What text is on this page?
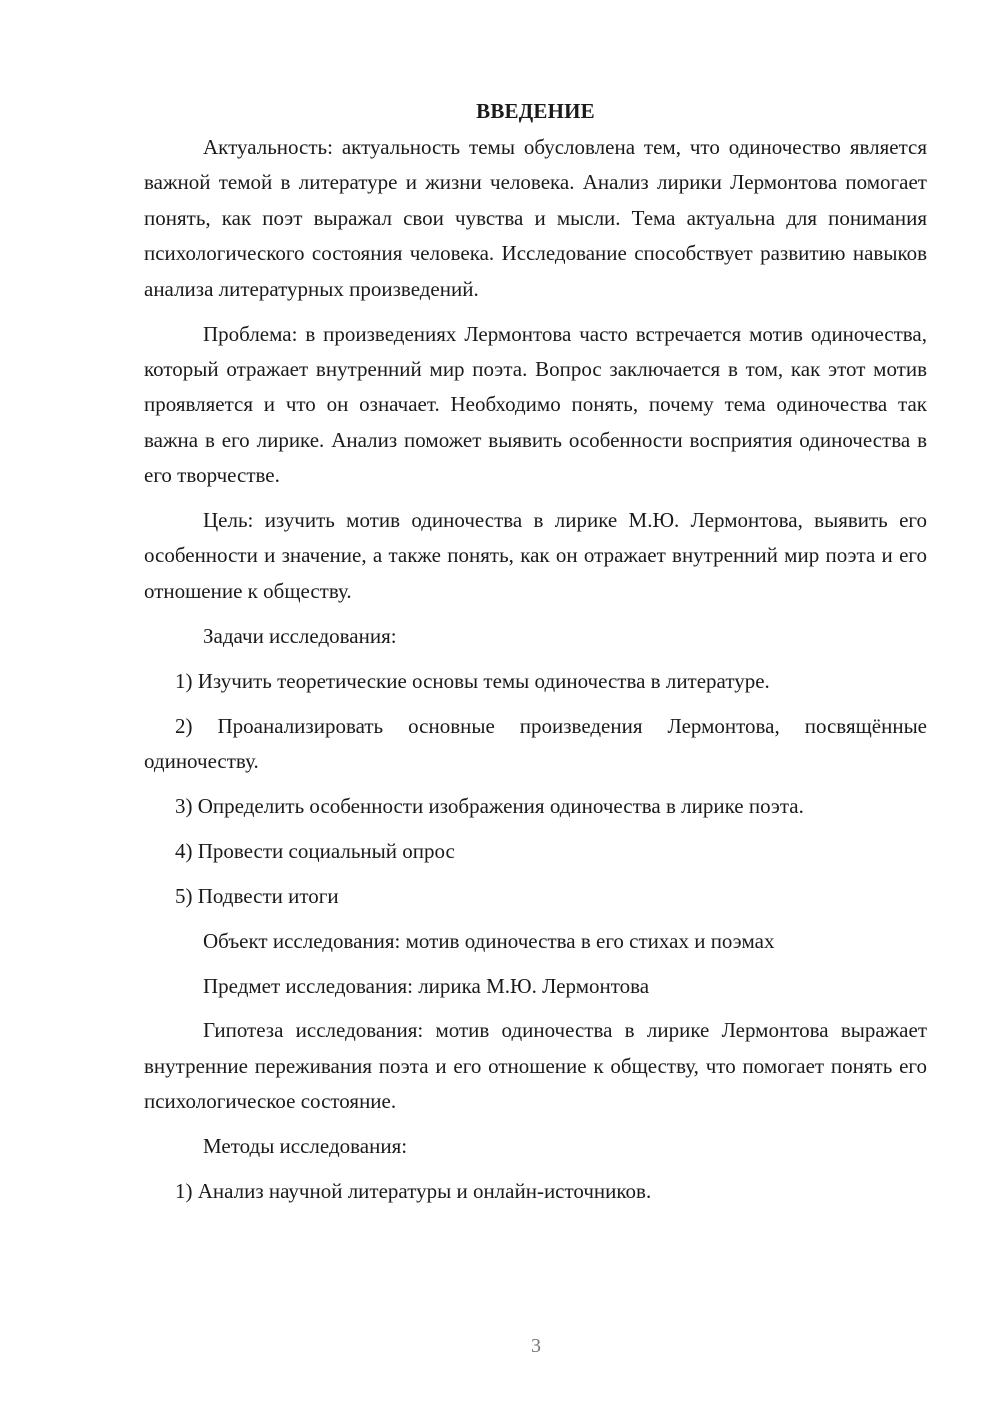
ВВЕДЕНИЕ

Актуальность: актуальность темы обусловлена тем, что одиночество является важной темой в литературе и жизни человека. Анализ лирики Лермонтова помогает понять, как поэт выражал свои чувства и мысли. Тема актуальна для понимания психологического состояния человека. Исследование способствует развитию навыков анализа литературных произведений.

Проблема: в произведениях Лермонтова часто встречается мотив одиночества, который отражает внутренний мир поэта. Вопрос заключается в том, как этот мотив проявляется и что он означает. Необходимо понять, почему тема одиночества так важна в его лирике. Анализ поможет выявить особенности восприятия одиночества в его творчестве.

Цель: изучить мотив одиночества в лирике М.Ю. Лермонтова, выявить его особенности и значение, а также понять, как он отражает внутренний мир поэта и его отношение к обществу.

Задачи исследования:

1) Изучить теоретические основы темы одиночества в литературе.

2) Проанализировать основные произведения Лермонтова, посвящённые одиночеству.

3) Определить особенности изображения одиночества в лирике поэта.

4) Провести социальный опрос

5) Подвести итоги

Объект исследования: мотив одиночества в его стихах и поэмах

Предмет исследования: лирика М.Ю. Лермонтова

Гипотеза исследования: мотив одиночества в лирике Лермонтова выражает внутренние переживания поэта и его отношение к обществу, что помогает понять его психологическое состояние.

Методы исследования:

1) Анализ научной литературы и онлайн-источников.

3
